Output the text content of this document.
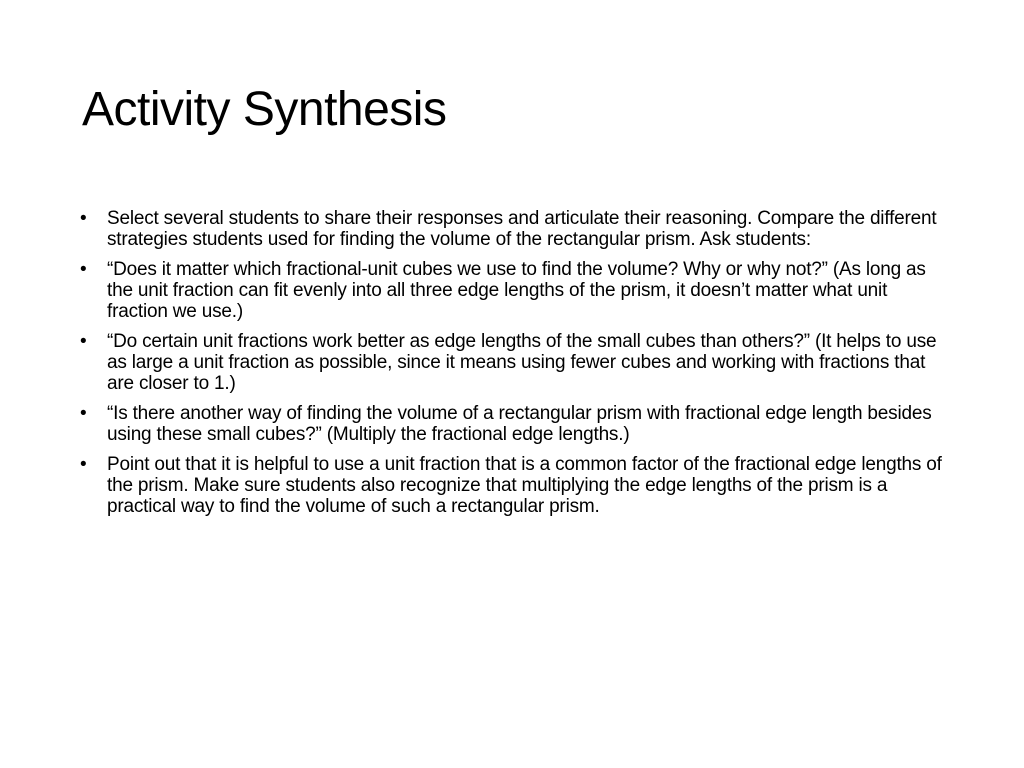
Activity Synthesis
•	Select several students to share their responses and articulate their reasoning. Compare the different strategies students used for finding the volume of the rectangular prism. Ask students:
•	“Does it matter which fractional-unit cubes we use to find the volume? Why or why not?” (As long as the unit fraction can fit evenly into all three edge lengths of the prism, it doesn’t matter what unit fraction we use.)
•	“Do certain unit fractions work better as edge lengths of the small cubes than others?” (It helps to use as large a unit fraction as possible, since it means using fewer cubes and working with fractions that are closer to 1.)
•	“Is there another way of finding the volume of a rectangular prism with fractional edge length besides using these small cubes?” (Multiply the fractional edge lengths.)
•	Point out that it is helpful to use a unit fraction that is a common factor of the fractional edge lengths of the prism. Make sure students also recognize that multiplying the edge lengths of the prism is a practical way to find the volume of such a rectangular prism.
